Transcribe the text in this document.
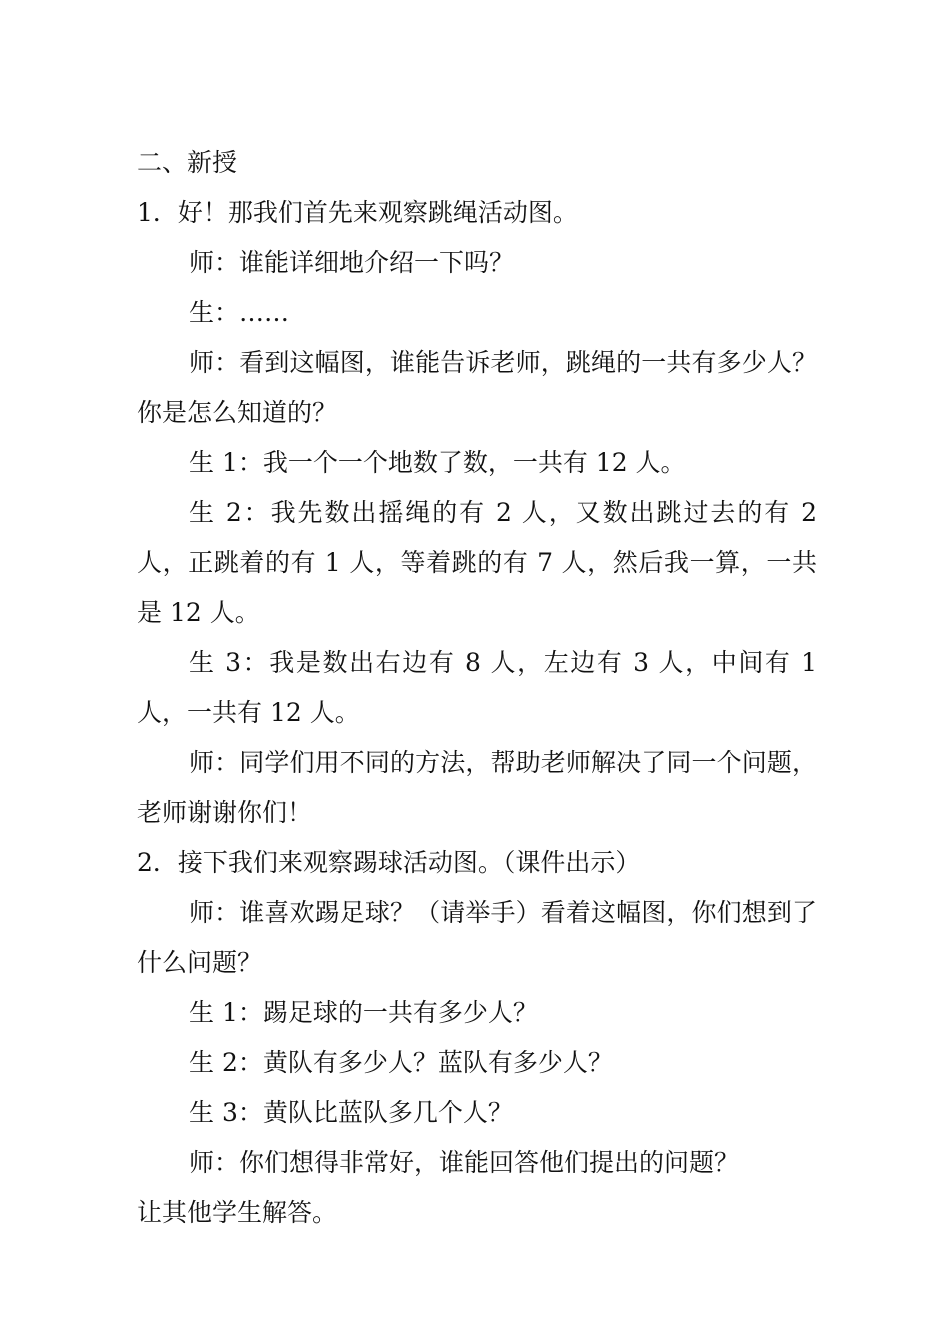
二、新授
1．好！那我们首先来观察跳绳活动图。
师：谁能详细地介绍一下吗？
生：……
师：看到这幅图，谁能告诉老师，跳绳的一共有多少人？你是怎么知道的？
生 1：我一个一个地数了数，一共有 12 人。
生 2：我先数出摇绳的有 2 人，又数出跳过去的有 2 人，正跳着的有 1 人，等着跳的有 7 人，然后我一算，一共是 12 人。
生 3：我是数出右边有 8 人，左边有 3 人，中间有 1 人，一共有 12 人。
师：同学们用不同的方法，帮助老师解决了同一个问题，老师谢谢你们！
2．接下我们来观察踢球活动图。（课件出示）
师：谁喜欢踢足球？（请举手）看着这幅图，你们想到了什么问题？
生 1：踢足球的一共有多少人？
生 2：黄队有多少人？蓝队有多少人？
生 3：黄队比蓝队多几个人？
师：你们想得非常好，谁能回答他们提出的问题？
让其他学生解答。
